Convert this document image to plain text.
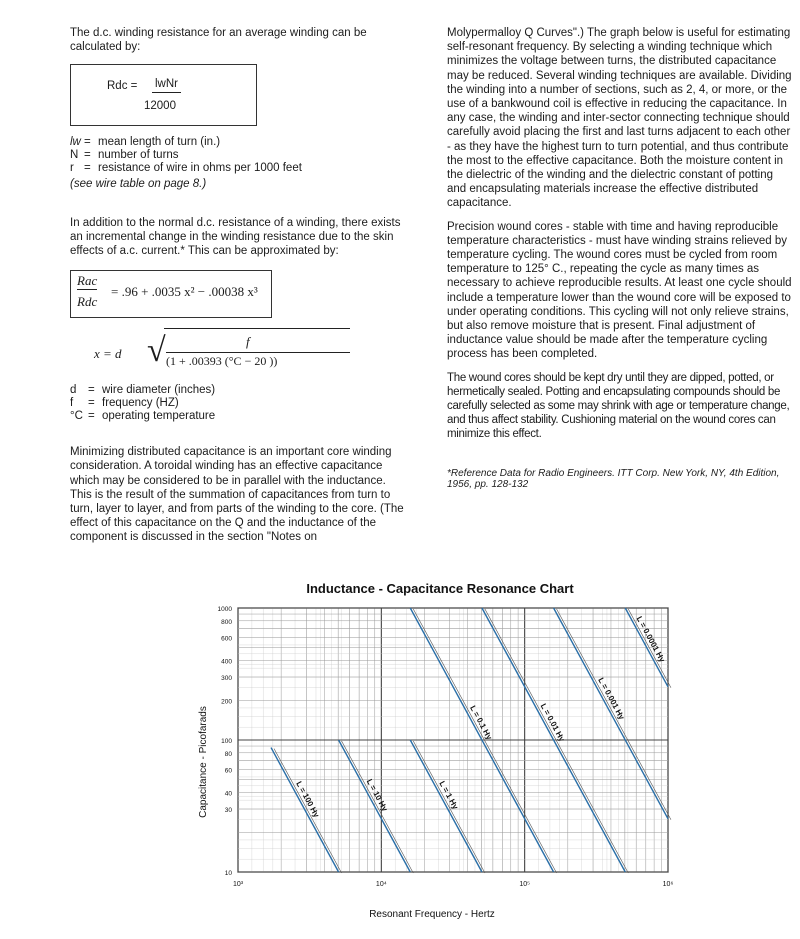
The d.c. winding resistance for an average winding can be calculated by:

Rdc = lwNr
12000
lw = mean length of turn (in.)
N = number of turns
r = resistance of wire in ohms per 1000 feet
(see wire table on page 8.)

In addition to the normal d.c. resistance of a winding, there exists an incremental change in the winding resistance due to the skin effects of a.c. current.* This can be approximated by:

Rac
Rdc
= .96 + .0035 x² − .00038 x³
x = d √	f
(1 + .00393 (°C − 20 ))
d	= wire diameter (inches)
f	= frequency (HZ)
°C = operating temperature

Minimizing distributed capacitance is an important core winding consideration. A toroidal winding has an effective capacitance which may be considered to be in parallel with the inductance. This is the result of the summation of capacitances from turn to turn, layer to layer, and from parts of the winding to the core. (The effect of this capacitance on the Q and the inductance of the component is discussed in the section "Notes on

Molypermalloy Q Curves".) The graph below is useful for estimating self-resonant frequency. By selecting a winding technique which minimizes the voltage between turns, the distributed capacitance may be reduced. Several winding techniques are available. Dividing the winding into a number of sections, such as 2, 4, or more, or the use of a bankwound coil is effective in reducing the capacitance. In any case, the winding and inter-sector connecting technique should carefully avoid placing the first and last turns adjacent to each other - as they have the highest turn to turn potential, and thus contribute the most to the effective capacitance. Both the moisture content in the dielectric of the winding and the dielectric constant of potting and encapsulating materials increase the effective distributed capacitance.

Precision wound cores - stable with time and having reproducible temperature characteristics - must have winding strains relieved by temperature cycling. The wound cores must be cycled from room temperature to 125° C., repeating the cycle as many times as necessary to achieve reproducible results. At least one cycle should include a temperature lower than the wound core will be exposed to under operating conditions. This cycling will not only relieve strains, but also remove moisture that is present. Final adjustment of inductance value should be made after the temperature cycling process has been completed.

The wound cores should be kept dry until they are dipped, potted, or hermetically sealed. Potting and encapsulating compounds should be carefully selected as some may shrink with age or temperature change, and thus affect stability. Cushioning material on the wound cores can minimize this effect.

*Reference Data for Radio Engineers. ITT Corp. New York, NY, 4th Edition, 1956, pp. 128-132
Inductance - Capacitance Resonance Chart
Resonant Frequency - Hertz
Capacitance - Picofarads
1000
800
600
400
300
200
100
80
60
40
30
10
10³	10⁴	10⁵	10⁶
L = 100 Hy	L = 10 Hy	L = 1 Hy
L = 0.1 Hy	L = 0.01 Hy
L = 0.001 Hy
L = 0.0001 Hy
